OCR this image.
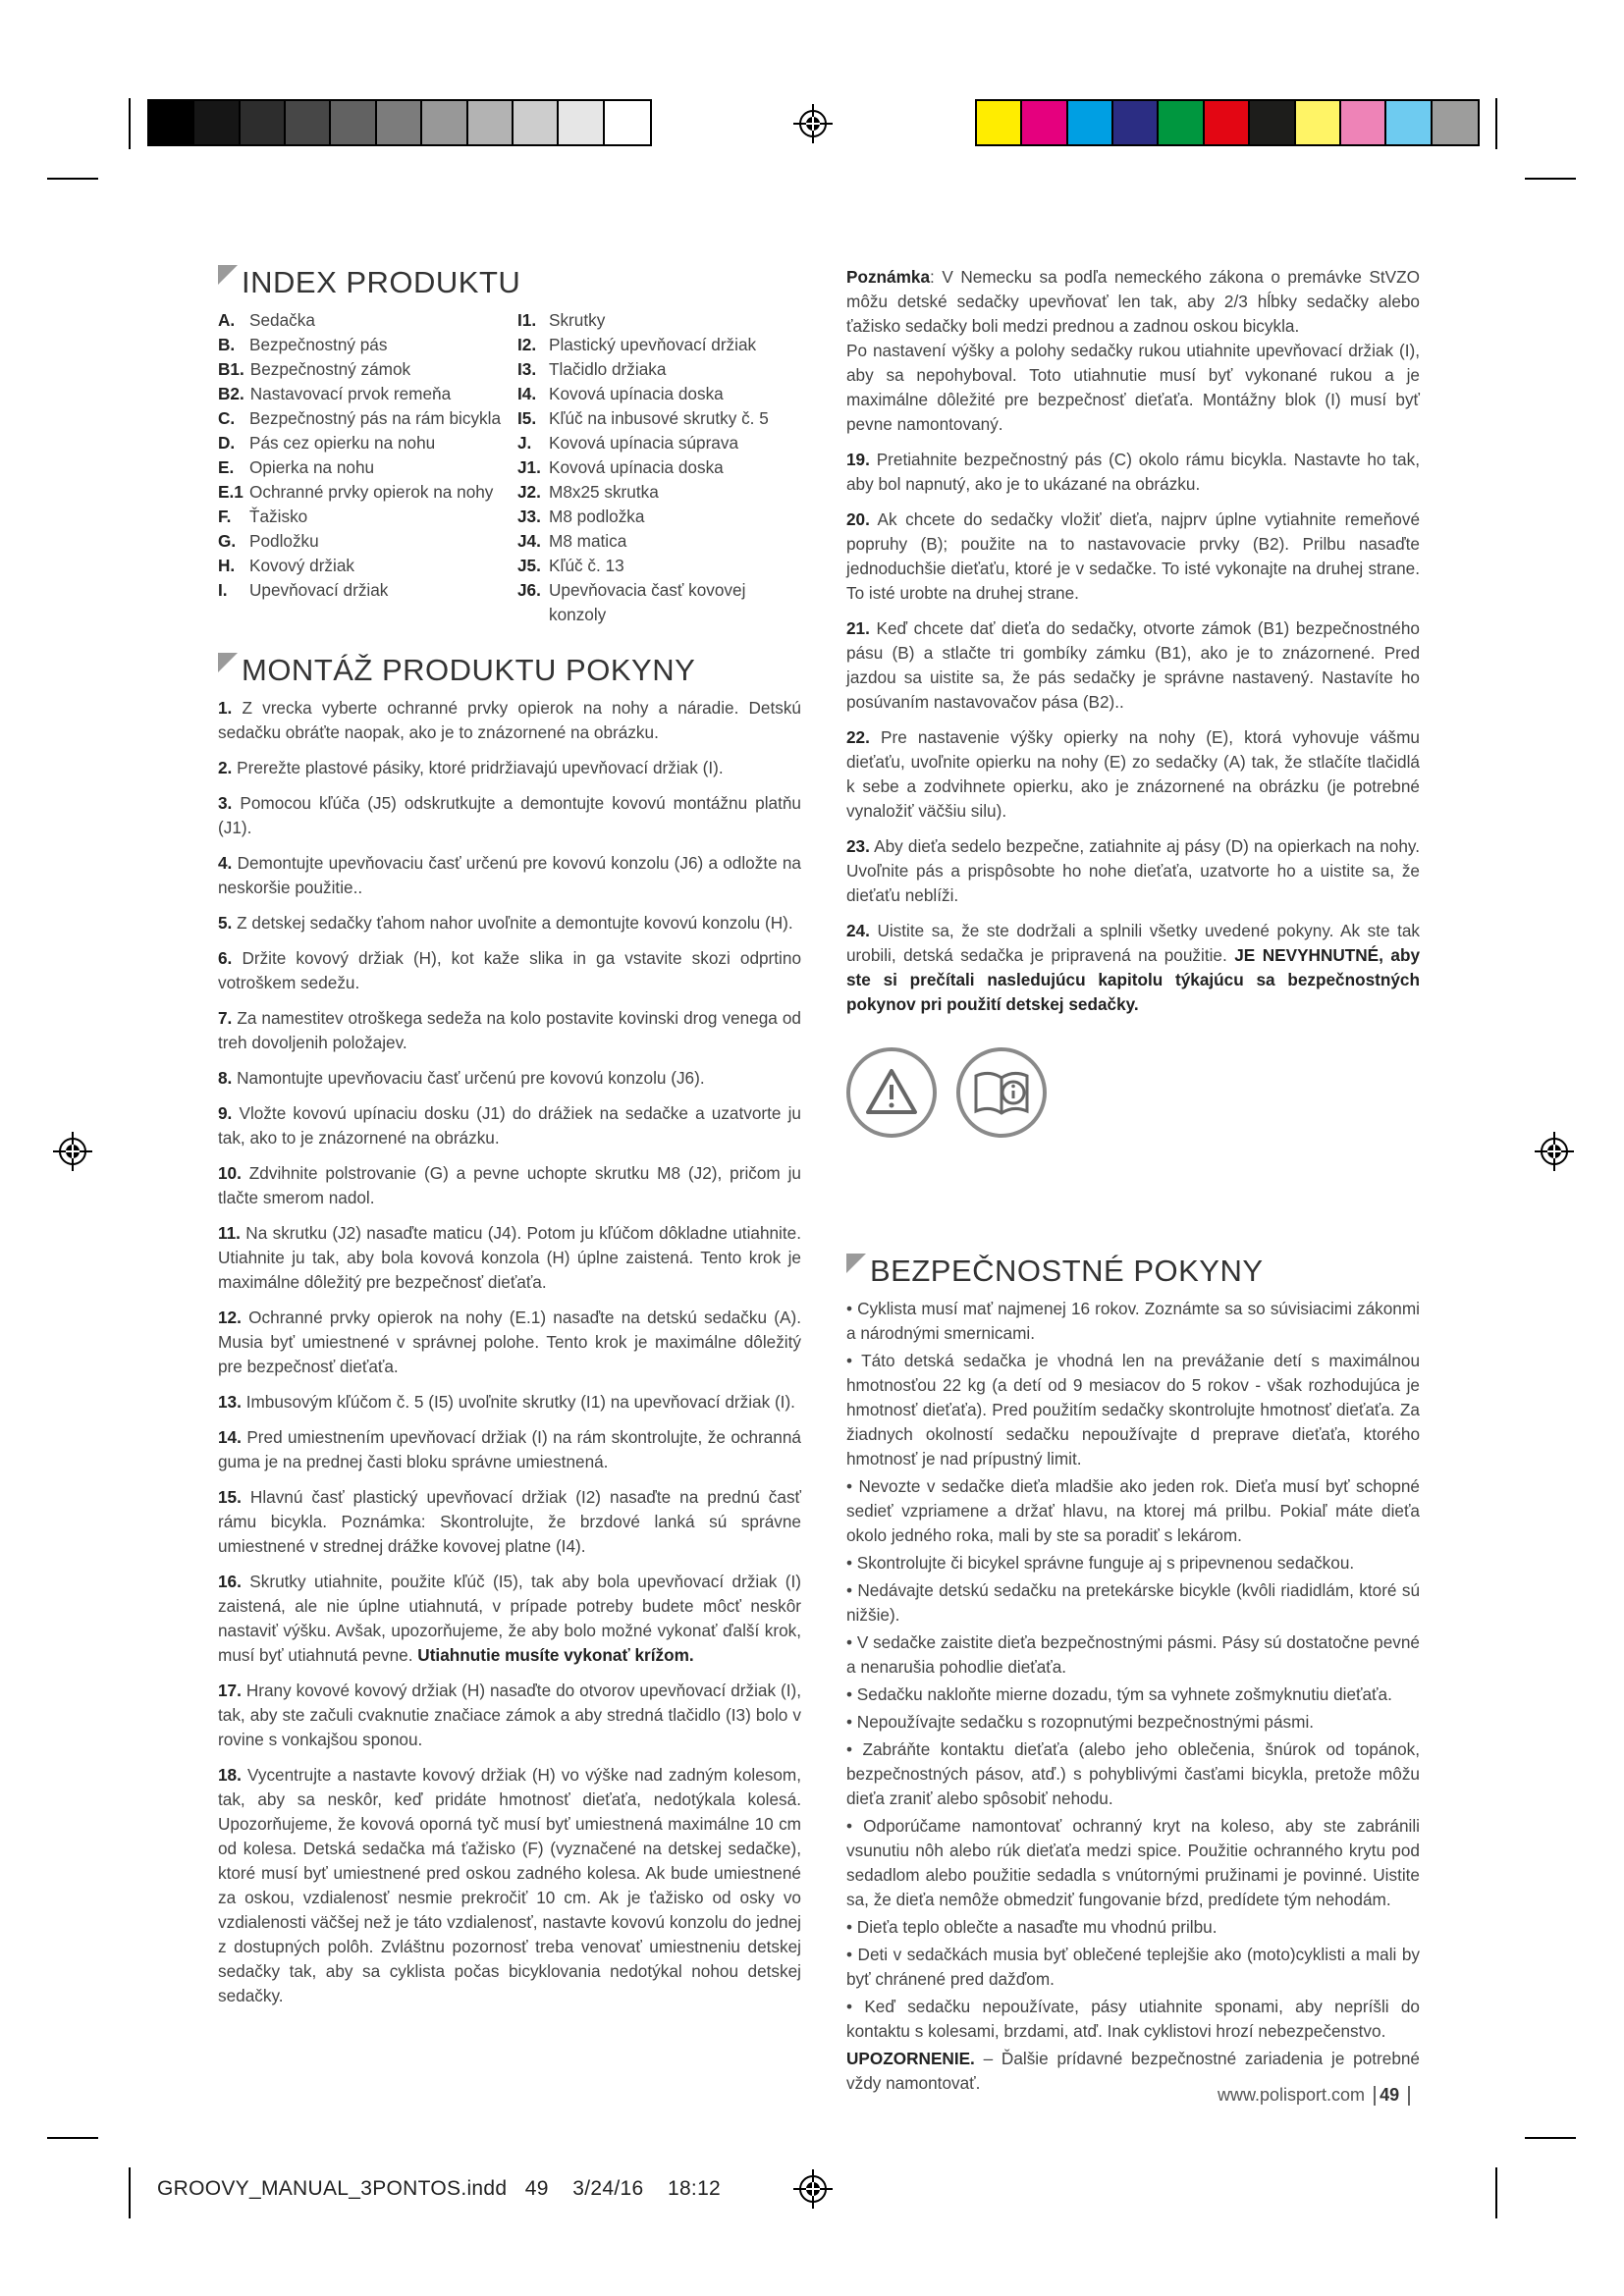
GROOVY_MANUAL_3PONTOS.indd   49    3/24/16    18:12
INDEX PRODUKTU
A. Sedačka
B. Bezpečnostný pás
B1. Bezpečnostný zámok
B2. Nastavovací prvok remeňa
C. Bezpečnostný pás na rám bicykla
D. Pás cez opierku na nohu
E. Opierka na nohu
E.1 Ochranné prvky opierok na nohy
F.	Ťažisko
G. Podložku
H. Kovový držiak
I.	Upevňovací držiak
I1. Skrutky
I2. Plastický upevňovací držiak
I3. Tlačidlo držiaka
I4. Kovová upínacia doska
I5. Kľúč na inbusové skrutky č. 5
J.	Kovová upínacia súprava
J1. Kovová upínacia doska
J2. M8x25 skrutka
J3. M8 podložka
J4. M8 matica
J5. Kľúč č. 13
J6. Upevňovacia časť kovovej konzoly
MONTÁŽ PRODUKTU POKYNY

1. Z vrecka vyberte ochranné prvky opierok na nohy a náradie. Detskú sedačku obráťte naopak, ako je to znázornené na obrázku.

2. Prerežte plastové pásiky, ktoré pridržiavajú upevňovací držiak (I).

3. Pomocou kľúča (J5) odskrutkujte a demontujte kovovú montážnu platňu (J1).

4. Demontujte upevňovaciu časť určenú pre kovovú konzolu (J6) a odložte na neskoršie použitie..

5. Z detskej sedačky ťahom nahor uvoľnite a demontujte kovovú konzolu (H).

6. Držite kovový držiak (H), kot kaže slika in ga vstavite skozi odprtino votroškem sedežu.

7. Za namestitev otroškega sedeža na kolo postavite kovinski drog venega od treh dovoljenih položajev.

8. Namontujte upevňovaciu časť určenú pre kovovú konzolu (J6).

9. Vložte kovovú upínaciu dosku (J1) do drážiek na sedačke a uzatvorte ju tak, ako to je znázornené na obrázku.

10. Zdvihnite polstrovanie (G) a pevne uchopte skrutku M8 (J2), pričom ju tlačte smerom nadol.

11. Na skrutku (J2) nasaďte maticu (J4). Potom ju kľúčom dôkladne utiahnite. Utiahnite ju tak, aby bola kovová konzola (H) úplne zaistená. Tento krok je maximálne dôležitý pre bezpečnosť dieťaťa.

12. Ochranné prvky opierok na nohy (E.1) nasaďte na detskú sedačku (A). Musia byť umiestnené v správnej polohe. Tento krok je maximálne dôležitý pre bezpečnosť dieťaťa.

13. Imbusovým kľúčom č. 5 (I5) uvoľnite skrutky (I1) na upevňovací držiak (I).

14. Pred umiestnením upevňovací držiak (I) na rám skontrolujte, že ochranná guma je na prednej časti bloku správne umiestnená.

15. Hlavnú časť plastický upevňovací držiak (I2) nasaďte na prednú časť rámu bicykla. Poznámka: Skontrolujte, že brzdové lanká sú správne umiestnené v strednej drážke kovovej platne (I4).

16. Skrutky utiahnite, použite kľúč (I5), tak aby bola upevňovací držiak (I) zaistená, ale nie úplne utiahnutá, v prípade potreby budete môcť neskôr nastaviť výšku. Avšak, upozorňujeme, že aby bolo možné vykonať ďalší krok, musí byť utiahnutá pevne. Utiahnutie musíte vykonať krížom.

17. Hrany kovové kovový držiak (H) nasaďte do otvorov upevňovací držiak (I), tak, aby ste začuli cvaknutie značiace zámok a aby stredná tlačidlo (I3) bolo v rovine s vonkajšou sponou.

18. Vycentrujte a nastavte kovový držiak (H) vo výške nad zadným kolesom, tak, aby sa neskôr, keď pridáte hmotnosť dieťaťa, nedotýkala kolesá. Upozorňujeme, že kovová oporná tyč musí byť umiestnená maximálne 10 cm od kolesa. Detská sedačka má ťažisko (F) (vyznačené na detskej sedačke), ktoré musí byť umiestnené pred oskou zadného kolesa. Ak bude umiestnené za oskou, vzdialenosť nesmie prekročiť 10 cm. Ak je ťažisko od osky vo vzdialenosti väčšej než je táto vzdialenosť, nastavte kovovú konzolu do jednej z dostupných polôh. Zvláštnu pozornosť treba venovať umiestneniu detskej sedačky tak, aby sa cyklista počas bicyklovania nedotýkal nohou detskej sedačky.

Poznámka: V Nemecku sa podľa nemeckého zákona o premávke StVZO môžu detské sedačky upevňovať len tak, aby 2/3 hĺbky sedačky alebo ťažisko sedačky boli medzi prednou a zadnou oskou bicykla.

Po nastavení výšky a polohy sedačky rukou utiahnite upevňovací držiak (I), aby sa nepohyboval. Toto utiahnutie musí byť vykonané rukou a je maximálne dôležité pre bezpečnosť dieťaťa. Montážny blok (I) musí byť pevne namontovaný.

19. Pretiahnite bezpečnostný pás (C) okolo rámu bicykla. Nastavte ho tak, aby bol napnutý, ako je to ukázané na obrázku.

20. Ak chcete do sedačky vložiť dieťa, najprv úplne vytiahnite remeňové popruhy (B); použite na to nastavovacie prvky (B2). Prilbu nasaďte jednoduchšie dieťaťu, ktoré je v sedačke. To isté vykonajte na druhej strane. To isté urobte na druhej strane.

21. Keď chcete dať dieťa do sedačky, otvorte zámok (B1) bezpečnostného pásu (B) a stlačte tri gombíky zámku (B1), ako je to znázornené. Pred jazdou sa uistite sa, že pás sedačky je správne nastavený. Nastavíte ho posúvaním nastavovačov pása (B2)..

22. Pre nastavenie výšky opierky na nohy (E), ktorá vyhovuje vášmu dieťaťu, uvoľnite opierku na nohy (E) zo sedačky (A) tak, že stlačíte tlačidlá k sebe a zodvihnete opierku, ako je znázornené na obrázku (je potrebné vynaložiť väčšiu silu).

23. Aby dieťa sedelo bezpečne, zatiahnite aj pásy (D) na opierkach na nohy. Uvoľnite pás a prispôsobte ho nohe dieťaťa, uzatvorte ho a uistite sa, že dieťaťu neblíži.

24. Uistite sa, že ste dodržali a splnili všetky uvedené pokyny. Ak ste tak urobili, detská sedačka je pripravená na použitie. JE NEVYHNUTNÉ, aby ste si prečítali nasledujúcu kapitolu týkajúcu sa bezpečnostných pokynov pri použití detskej sedačky.

BEZPEČNOSTNÉ POKYNY

• Cyklista musí mať najmenej 16 rokov. Zoznámte sa so súvisiacimi zákonmi a národnými smernicami.

• Táto detská sedačka je vhodná len na prevážanie detí s maximálnou hmotnosťou 22 kg (a detí od 9 mesiacov do 5 rokov - však rozhodujúca je hmotnosť dieťaťa). Pred použitím sedačky skontrolujte hmotnosť dieťaťa. Za žiadnych okolností sedačku nepoužívajte d preprave dieťaťa, ktorého hmotnosť je nad prípustný limit.

• Nevozte v sedačke dieťa mladšie ako jeden rok. Dieťa musí byť schopné sedieť vzpriamene a držať hlavu, na ktorej má prilbu. Pokiaľ máte dieťa okolo jedného roka, mali by ste sa poradiť s lekárom.

• Skontrolujte či bicykel správne funguje aj s pripevnenou sedačkou.

• Nedávajte detskú sedačku na pretekárske bicykle (kvôli riadidlám, ktoré sú nižšie).

• V sedačke zaistite dieťa bezpečnostnými pásmi. Pásy sú dostatočne pevné a nenarušia pohodlie dieťaťa.

• Sedačku nakloňte mierne dozadu, tým sa vyhnete zošmyknutiu dieťaťa.

• Nepoužívajte sedačku s rozopnutými bezpečnostnými pásmi.

• Zabráňte kontaktu dieťaťa (alebo jeho oblečenia, šnúrok od topánok, bezpečnostných pásov, atď.) s pohyblivými časťami bicykla, pretože môžu dieťa zraniť alebo spôsobiť nehodu.

• Odporúčame namontovať ochranný kryt na koleso, aby ste zabránili vsunutiu nôh alebo rúk dieťaťa medzi spice. Použitie ochranného krytu pod sedadlom alebo použitie sedadla s vnútornými pružinami je povinné. Uistite sa, že dieťa nemôže obmedziť fungovanie bŕzd, predídete tým nehodám.

• Dieťa teplo oblečte a nasaďte mu vhodnú prilbu.

• Deti v sedačkách musia byť oblečené teplejšie ako (moto)cyklisti a mali by byť chránené pred dažďom.

• Keď sedačku nepoužívate, pásy utiahnite sponami, aby nepríšli do kontaktu s kolesami, brzdami, atď. Inak cyklistovi hrozí nebezpečenstvo.

UPOZORNENIE. – Ďalšie prídavné bezpečnostné zariadenia je potrebné vždy namontovať.

www.polisport.com 49
